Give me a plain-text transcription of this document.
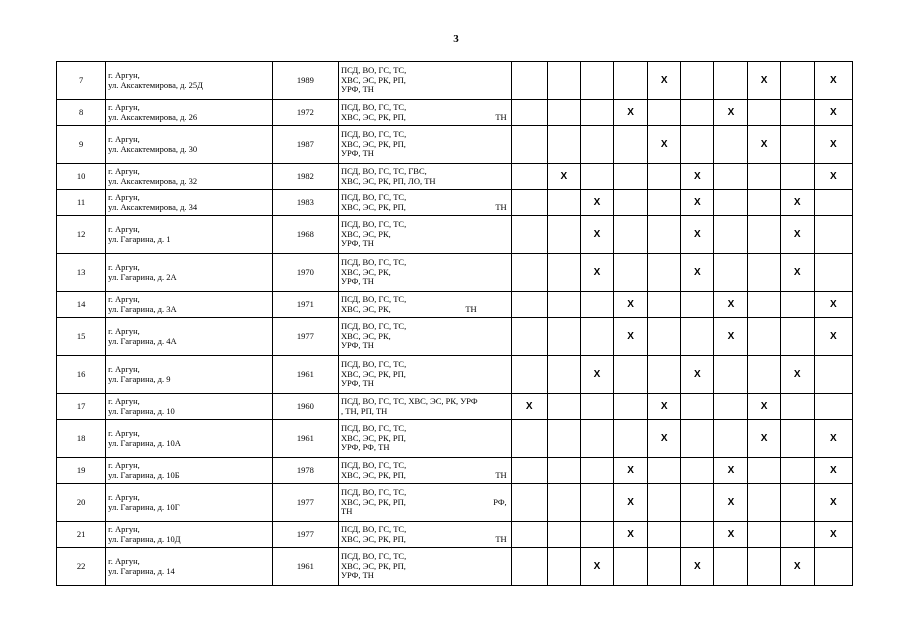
3
7	г. Аргун,
ул. Аксактемирова, д. 25Д	1989	ПСД, ВО, ГС, ТС,
ХВС, ЭС, РК, РП,
УРФ, ТН					X			X		X
8	г. Аргун,
ул. Аксактемирова, д. 26	1972	ПСД, ВО, ГС, ТС,
ХВС, ЭС, РК, РП, ТН				X			X			X
9	г. Аргун,
ул. Аксактемирова, д. 30	1987	ПСД, ВО, ГС, ТС,
ХВС, ЭС, РК, РП,
УРФ, ТН					X			X		X
10	г. Аргун,
ул. Аксактемирова, д. 32	1982	ПСД, ВО, ГС, ТС, ГВС,
ХВС, ЭС, РК, РП, ЛО, ТН		X				X				X
11	г. Аргун,
ул. Аксактемирова, д. 34	1983	ПСД, ВО, ГС, ТС,
ХВС, ЭС, РК, РП, ТН			X			X			X	
12	г. Аргун,
ул. Гагарина, д. 1	1968	ПСД, ВО, ГС, ТС,
ХВС, ЭС, РК,
УРФ, ТН			X			X			X	
13	г. Аргун,
ул. Гагарина, д. 2А	1970	ПСД, ВО, ГС, ТС,
ХВС, ЭС, РК,
УРФ, ТН			X			X			X	
14	г. Аргун,
ул. Гагарина, д. 3А	1971	ПСД, ВО, ГС, ТС,
ХВС, ЭС, РК, ТН				X			X			X
15	г. Аргун,
ул. Гагарина, д. 4А	1977	ПСД, ВО, ГС, ТС,
ХВС, ЭС, РК,
УРФ, ТН				X			X			X
16	г. Аргун,
ул. Гагарина, д. 9	1961	ПСД, ВО, ГС, ТС,
ХВС, ЭС, РК, РП,
УРФ, ТН			X			X			X	
17	г. Аргун,
ул. Гагарина, д. 10	1960	ПСД, ВО, ГС, ТС, ХВС, ЭС, РК, УРФ
, ТН, РП, ТН	X				X			X		
18	г. Аргун,
ул. Гагарина, д. 10А	1961	ПСД, ВО, ГС, ТС,
ХВС, ЭС, РК, РП,
УРФ, РФ, ТН					X			X		X
19	г. Аргун,
ул. Гагарина, д. 10Б	1978	ПСД, ВО, ГС, ТС,
ХВС, ЭС, РК, РП, ТН				X			X			X
20	г. Аргун,
ул. Гагарина, д. 10Г	1977	ПСД, ВО, ГС, ТС,
ХВС, ЭС, РК, РП, РФ,
ТН				X			X			X
21	г. Аргун,
ул. Гагарина, д. 10Д	1977	ПСД, ВО, ГС, ТС,
ХВС, ЭС, РК, РП, ТН				X			X			X
22	г. Аргун,
ул. Гагарина, д. 14	1961	ПСД, ВО, ГС, ТС,
ХВС, ЭС, РК, РП,
УРФ, ТН			X			X			X	
